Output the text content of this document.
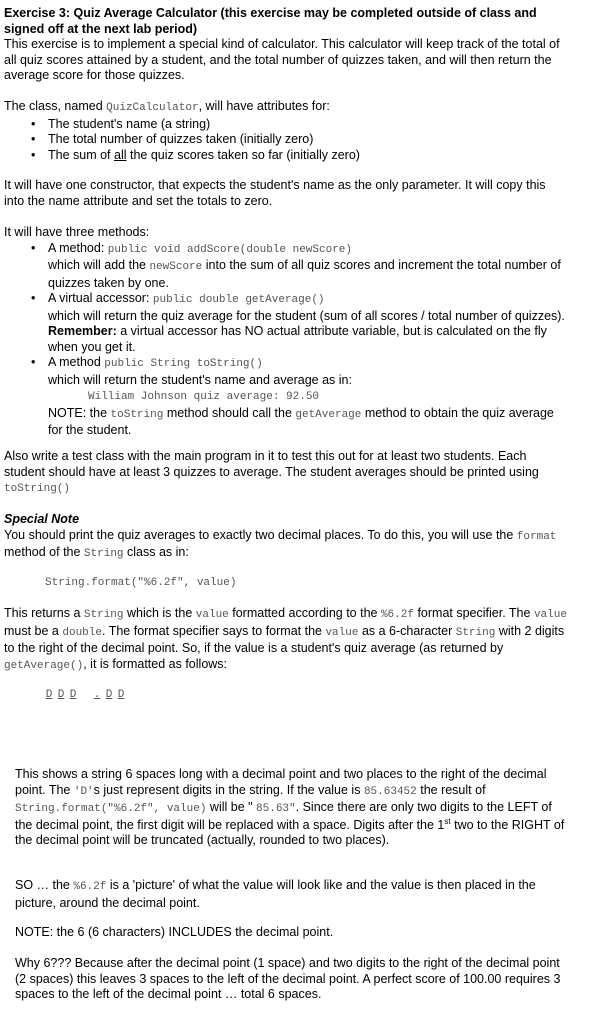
Exercise 3: Quiz Average Calculator (this exercise may be completed outside of class and signed off at the next lab period)

This exercise is to implement a special kind of calculator. This calculator will keep track of the total of all quiz scores attained by a student, and the total number of quizzes taken, and will then return the average score for those quizzes.

The class, named QuizCalculator, will have attributes for:

• The student's name (a string)
• The total number of quizzes taken (initially zero)
• The sum of all the quiz scores taken so far (initially zero)

It will have one constructor, that expects the student's name as the only parameter. It will copy this into the name attribute and set the totals to zero.

It will have three methods:

• A method: public void addScore(double newScore)
which will add the newScore into the sum of all quiz scores and increment the total number of quizzes taken by one.
• A virtual accessor: public double getAverage()
which will return the quiz average for the student (sum of all scores / total number of quizzes). Remember: a virtual accessor has NO actual attribute variable, but is calculated on the fly when you get it.
• A method public String toString()
which will return the student's name and average as in:
William Johnson quiz average: 92.50
NOTE: the toString method should call the getAverage method to obtain the quiz average for the student.

Also write a test class with the main program in it to test this out for at least two students. Each student should have at least 3 quizzes to average. The student averages should be printed using toString()

Special Note

You should print the quiz averages to exactly two decimal places. To do this, you will use the format method of the String class as in:

String.format("%6.2f", value)

This returns a String which is the value formatted according to the %6.2f format specifier. The value must be a double. The format specifier says to format the value as a 6-character String with 2 digits to the right of the decimal point. So, if the value is a student's quiz average (as returned by getAverage(), it is formatted as follows:

D D D . D D

This shows a string 6 spaces long with a decimal point and two places to the right of the decimal point. The 'D's just represent digits in the string. If the value is 85.63452 the result of String.format("%6.2f", value) will be " 85.63". Since there are only two digits to the LEFT of the decimal point, the first digit will be replaced with a space. Digits after the 1st two to the RIGHT of the decimal point will be truncated (actually, rounded to two places).

SO … the %6.2f is a 'picture' of what the value will look like and the value is then placed in the picture, around the decimal point.

NOTE: the 6 (6 characters) INCLUDES the decimal point.

Why 6??? Because after the decimal point (1 space) and two digits to the right of the decimal point (2 spaces) this leaves 3 spaces to the left of the decimal point. A perfect score of 100.00 requires 3 spaces to the left of the decimal point … total 6 spaces.
